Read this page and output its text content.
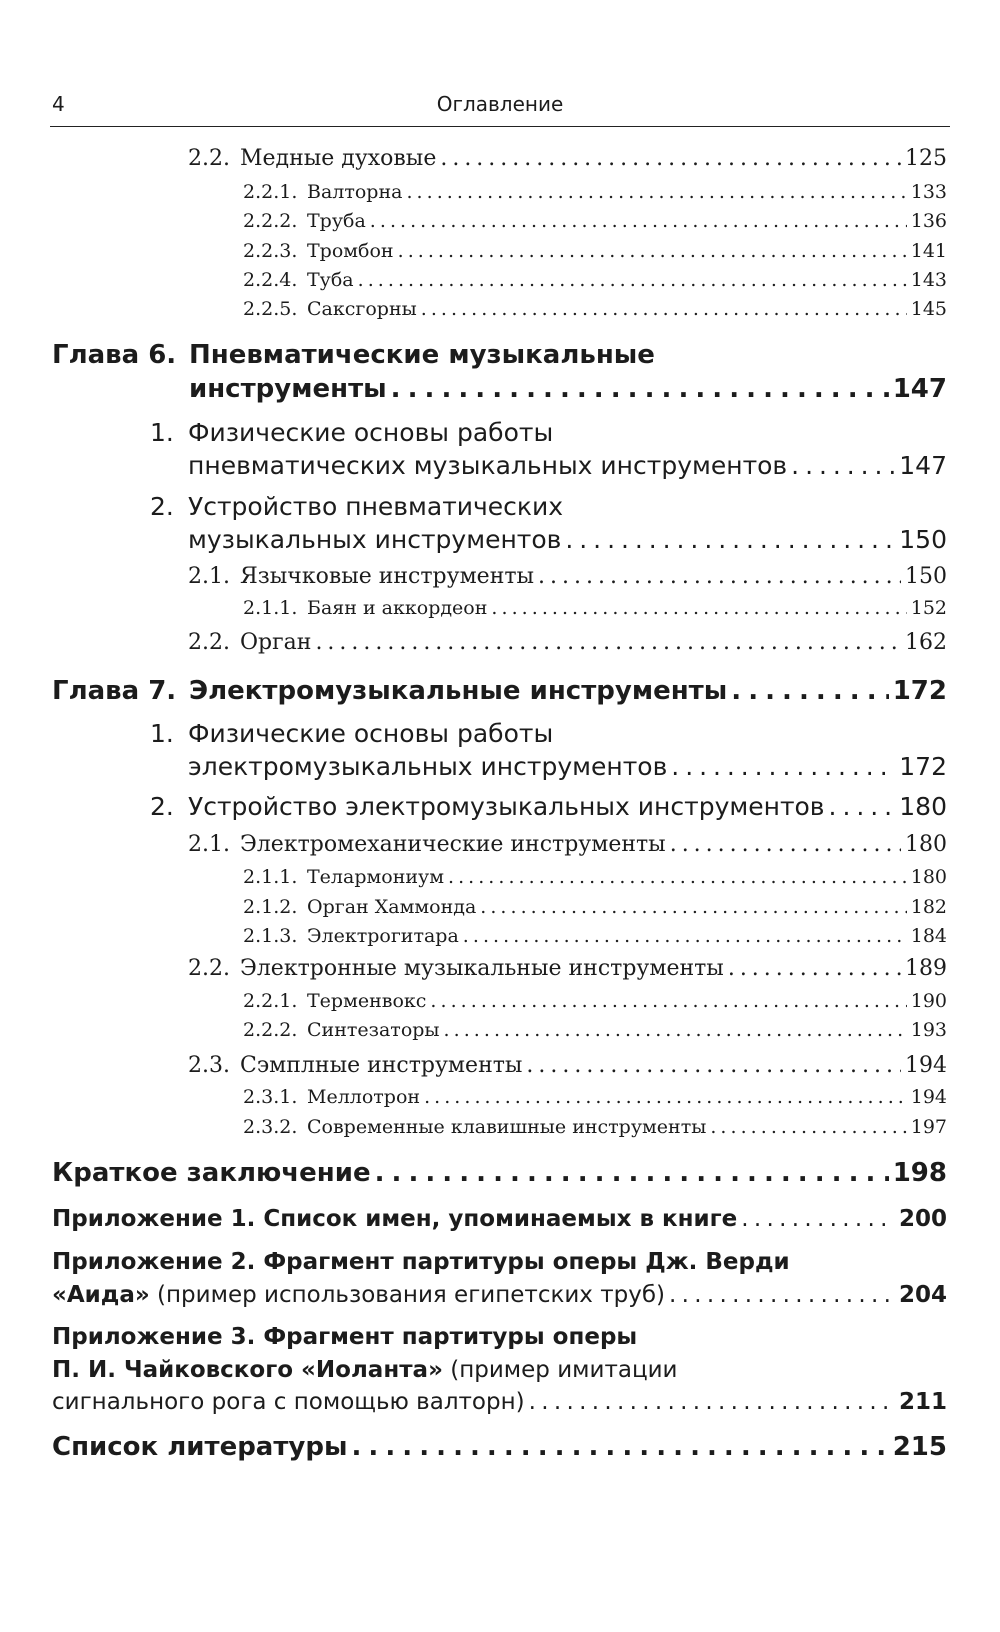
4	Оглавление
2.2. Медные духовые . . .	125
2.2.1. Валторна . . .	133
2.2.2. Труба . . .	136
2.2.3. Тромбон . . .	141
2.2.4. Туба . . .	143
2.2.5. Саксгорны . . .	145
Глава 6. Пневматические музыкальные
инструменты . . .	147
1. Физические основы работы
пневматических музыкальных инструментов . . .	147
2. Устройство пневматических
музыкальных инструментов . . .	150
2.1. Язычковые инструменты . . .	150
2.1.1. Баян и аккордеон . . .	152
2.2. Орган . . .	162
Глава 7. Электромузыкальные инструменты . . .	172
1. Физические основы работы
электромузыкальных инструментов . . .	172
2. Устройство электромузыкальных инструментов . . .	180
2.1. Электромеханические инструменты . . .	180
2.1.1. Телармониум . . .	180
2.1.2. Орган Хаммонда . . .	182
2.1.3. Электрогитара . . .	184
2.2. Электронные музыкальные инструменты . . .	189
2.2.1. Терменвокс . . .	190
2.2.2. Синтезаторы . . .	193
2.3. Сэмплные инструменты . . .	194
2.3.1. Меллотрон . . .	194
2.3.2. Современные клавишные инструменты . . .	197
Краткое заключение . . .	198
Приложение 1. Список имен, упоминаемых в книге . . .	200
Приложение 2. Фрагмент партитуры оперы Дж. Верди
«Аида» (пример использования египетских труб) . . .	204
Приложение 3. Фрагмент партитуры оперы
П. И. Чайковского «Иоланта» (пример имитации
сигнального рога с помощью валторн) . . .	211
Список литературы . . .	215
